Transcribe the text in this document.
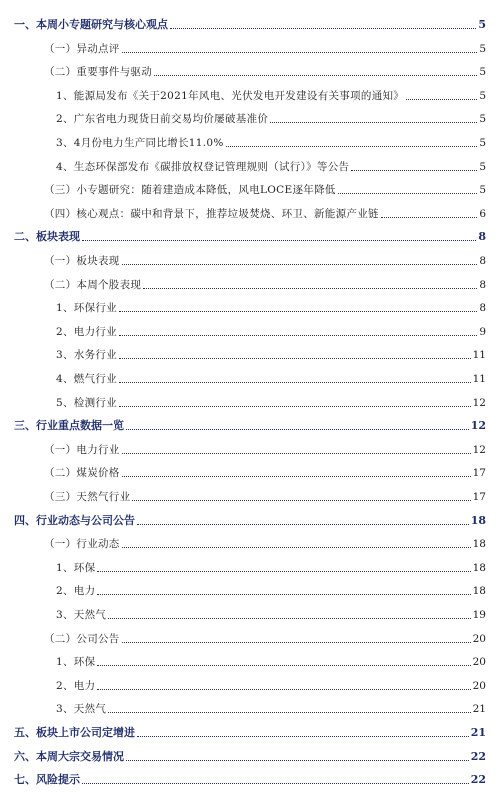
一、本周小专题研究与核心观点	5
（一）异动点评	5
（二）重要事件与驱动	5
1、能源局发布《关于2021年风电、光伏发电开发建设有关事项的通知》	5
2、广东省电力现货日前交易均价屡破基准价	5
3、4月份电力生产同比增长11.0%	5
4、生态环保部发布《碳排放权登记管理规则（试行）》等公告	5
（三）小专题研究：随着建造成本降低，风电LOCE逐年降低	5
（四）核心观点：碳中和背景下，推荐垃圾焚烧、环卫、新能源产业链	6
二、板块表现	8
（一）板块表现	8
（二）本周个股表现	8
1、环保行业	8
2、电力行业	9
3、水务行业	11
4、燃气行业	11
5、检测行业	12
三、行业重点数据一览	12
（一）电力行业	12
（二）煤炭价格	17
（三）天然气行业	17
四、行业动态与公司公告	18
（一）行业动态	18
1、环保	18
2、电力	18
3、天然气	19
（二）公司公告	20
1、环保	20
2、电力	20
3、天然气	21
五、板块上市公司定增进	21
六、本周大宗交易情况	22
七、风险提示	22
